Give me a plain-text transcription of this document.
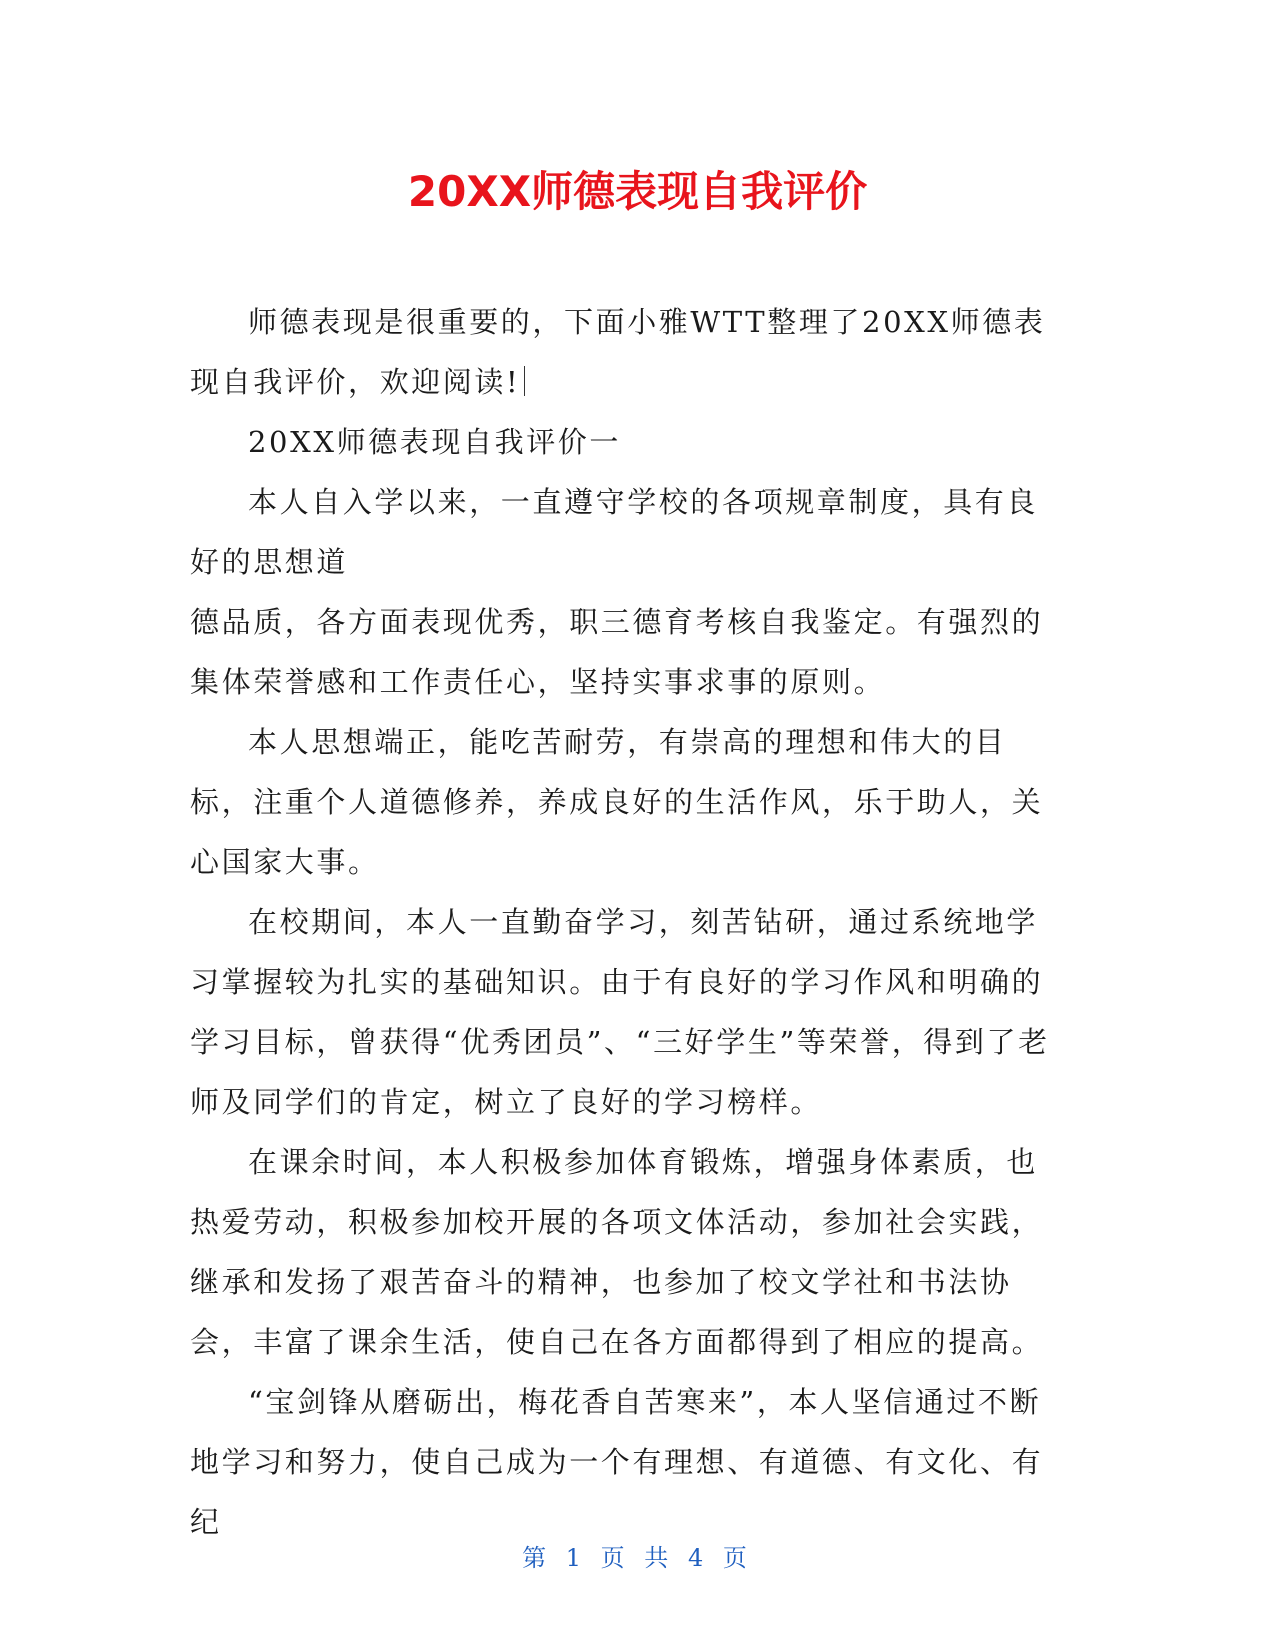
20XX师德表现自我评价

师德表现是很重要的，下面小雅WTT整理了20XX师德表现自我评价，欢迎阅读!

20XX师德表现自我评价一

本人自入学以来，一直遵守学校的各项规章制度，具有良好的思想道

德品质，各方面表现优秀，职三德育考核自我鉴定。有强烈的集体荣誉感和工作责任心，坚持实事求事的原则。

本人思想端正，能吃苦耐劳，有崇高的理想和伟大的目标，注重个人道德修养，养成良好的生活作风，乐于助人，关心国家大事。

在校期间，本人一直勤奋学习，刻苦钻研，通过系统地学习掌握较为扎实的基础知识。由于有良好的学习作风和明确的学习目标，曾获得“优秀团员”、“三好学生”等荣誉，得到了老师及同学们的肯定，树立了良好的学习榜样。

在课余时间，本人积极参加体育锻炼，增强身体素质，也热爱劳动，积极参加校开展的各项文体活动，参加社会实践，继承和发扬了艰苦奋斗的精神，也参加了校文学社和书法协会，丰富了课余生活，使自己在各方面都得到了相应的提高。

“宝剑锋从磨砺出，梅花香自苦寒来”，本人坚信通过不断地学习和努力，使自己成为一个有理想、有道德、有文化、有纪

第 1 页 共 4 页
